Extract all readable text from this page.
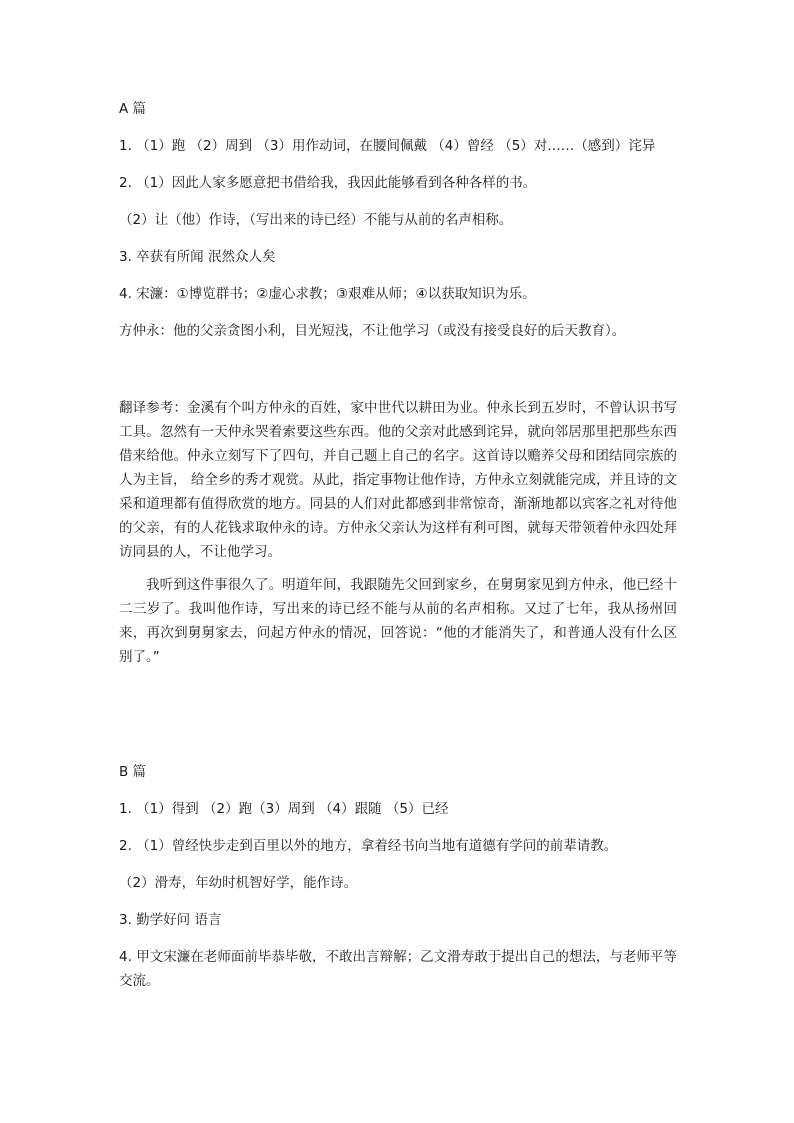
A 篇
1. （1）跑 （2）周到 （3）用作动词，在腰间佩戴 （4）曾经 （5）对……（感到）诧异
2. （1）因此人家多愿意把书借给我，我因此能够看到各种各样的书。
（2）让（他）作诗，（写出来的诗已经）不能与从前的名声相称。
3. 卒获有所闻 泯然众人矣
4. 宋濂：①博览群书；②虚心求教；③艰难从师；④以获取知识为乐。
方仲永：他的父亲贪图小利，目光短浅，不让他学习（或没有接受良好的后天教育）。
翻译参考：金溪有个叫方仲永的百姓，家中世代以耕田为业。仲永长到五岁时，不曾认识书写工具。忽然有一天仲永哭着索要这些东西。他的父亲对此感到诧异，就向邻居那里把那些东西借来给他。仲永立刻写下了四句，并自己题上自己的名字。这首诗以赡养父母和团结同宗族的人为主旨， 给全乡的秀才观赏。从此，指定事物让他作诗，方仲永立刻就能完成，并且诗的文采和道理都有值得欣赏的地方。同县的人们对此都感到非常惊奇，渐渐地都以宾客之礼对待他的父亲，有的人花钱求取仲永的诗。方仲永父亲认为这样有利可图，就每天带领着仲永四处拜访同县的人，不让他学习。
我听到这件事很久了。明道年间，我跟随先父回到家乡，在舅舅家见到方仲永，他已经十二三岁了。我叫他作诗，写出来的诗已经不能与从前的名声相称。又过了七年，我从扬州回来，再次到舅舅家去，问起方仲永的情况，回答说：“他的才能消失了，和普通人没有什么区别了。”
B 篇
1. （1）得到 （2）跑（3）周到 （4）跟随 （5）已经
2. （1）曾经快步走到百里以外的地方，拿着经书向当地有道德有学问的前辈请教。
（2）滑寿，年幼时机智好学，能作诗。
3. 勤学好问 语言
4. 甲文宋濂在老师面前毕恭毕敬，不敢出言辩解；乙文滑寿敢于提出自己的想法，与老师平等交流。
